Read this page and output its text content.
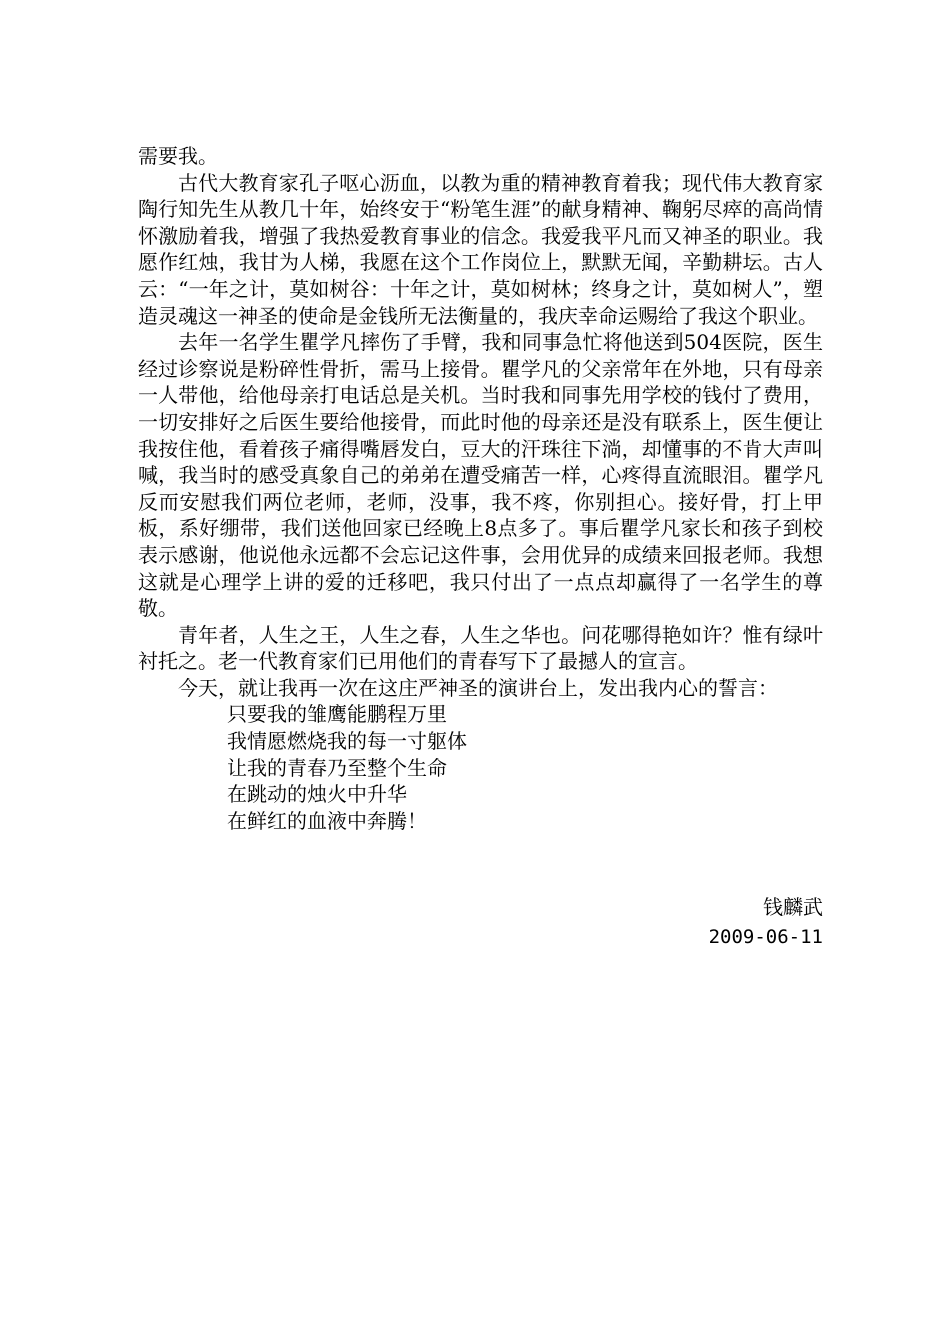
需要我。

古代大教育家孔子呕心沥血，以教为重的精神教育着我；现代伟大教育家陶行知先生从教几十年，始终安于“粉笔生涯”的献身精神、鞠躬尽瘁的高尚情怀激励着我，增强了我热爱教育事业的信念。我爱我平凡而又神圣的职业。我愿作红烛，我甘为人梯，我愿在这个工作岗位上，默默无闻，辛勤耕坛。古人云：“一年之计，莫如树谷：十年之计，莫如树林；终身之计，莫如树人”，塑造灵魂这一神圣的使命是金钱所无法衡量的，我庆幸命运赐给了我这个职业。

去年一名学生瞿学凡摔伤了手臂，我和同事急忙将他送到504医院，医生经过诊察说是粉碎性骨折，需马上接骨。瞿学凡的父亲常年在外地，只有母亲一人带他，给他母亲打电话总是关机。当时我和同事先用学校的钱付了费用，一切安排好之后医生要给他接骨，而此时他的母亲还是没有联系上，医生便让我按住他，看着孩子痛得嘴唇发白，豆大的汗珠往下淌，却懂事的不肯大声叫喊，我当时的感受真象自己的弟弟在遭受痛苦一样，心疼得直流眼泪。瞿学凡反而安慰我们两位老师，老师，没事，我不疼，你别担心。接好骨，打上甲板，系好绷带，我们送他回家已经晚上8点多了。事后瞿学凡家长和孩子到校表示感谢，他说他永远都不会忘记这件事，会用优异的成绩来回报老师。我想这就是心理学上讲的爱的迁移吧，我只付出了一点点却赢得了一名学生的尊敬。

青年者，人生之王，人生之春，人生之华也。问花哪得艳如许？惟有绿叶衬托之。老一代教育家们已用他们的青春写下了最撼人的宣言。

今天，就让我再一次在这庄严神圣的演讲台上，发出我内心的誓言：

只要我的雏鹰能鹏程万里
我情愿燃烧我的每一寸躯体
让我的青春乃至整个生命
在跳动的烛火中升华
在鲜红的血液中奔腾！
钱麟武
2009-06-11
